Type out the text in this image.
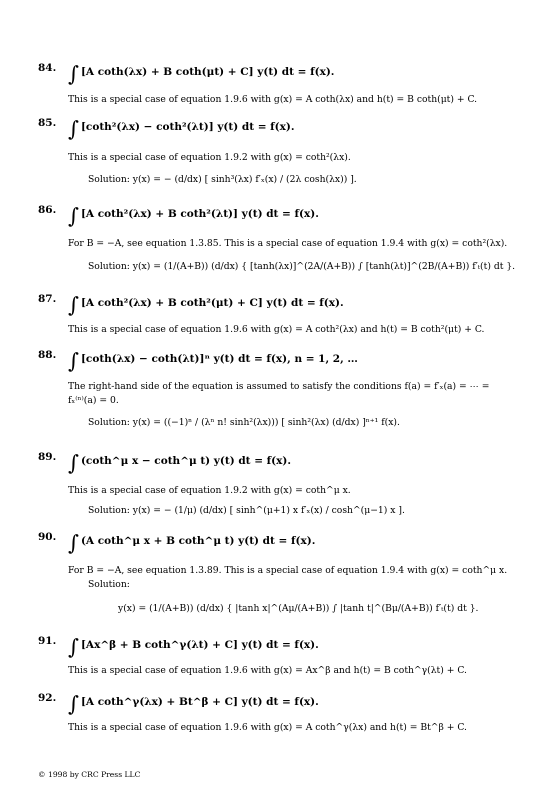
84. ∫ [A coth(λx) + B coth(μt) + C] y(t) dt = f(x).
This is a special case of equation 1.9.6 with g(x) = A coth(λx) and h(t) = B coth(μt) + C.
85. ∫ [coth²(λx) − coth²(λt)] y(t) dt = f(x).
This is a special case of equation 1.9.2 with g(x) = coth²(λx).
Solution: y(x) = − (d/dx) [ sinh³(λx) f′ₓ(x) / (2λ cosh(λx)) ].
86. ∫ [A coth²(λx) + B coth²(λt)] y(t) dt = f(x).
For B = −A, see equation 1.3.85. This is a special case of equation 1.9.4 with g(x) = coth²(λx).
Solution: y(x) = (1/(A+B)) (d/dx) { [tanh(λx)]^(2A/(A+B)) ∫ [tanh(λt)]^(2B/(A+B)) f′ₜ(t) dt }.
87. ∫ [A coth²(λx) + B coth²(μt) + C] y(t) dt = f(x).
This is a special case of equation 1.9.6 with g(x) = A coth²(λx) and h(t) = B coth²(μt) + C.
88. ∫ [coth(λx) − coth(λt)]ⁿ y(t) dt = f(x), n = 1, 2, …
The right-hand side of the equation is assumed to satisfy the conditions f(a) = f′ₓ(a) = ⋯ =
fₓ⁽ⁿ⁾(a) = 0.
Solution: y(x) = ((−1)ⁿ / (λⁿ n! sinh²(λx))) [ sinh²(λx) (d/dx) ]ⁿ⁺¹ f(x).
89. ∫ (coth^μ x − coth^μ t) y(t) dt = f(x).
This is a special case of equation 1.9.2 with g(x) = coth^μ x.
Solution: y(x) = − (1/μ) (d/dx) [ sinh^(μ+1) x f′ₓ(x) / cosh^(μ−1) x ].
90. ∫ (A coth^μ x + B coth^μ t) y(t) dt = f(x).
For B = −A, see equation 1.3.89. This is a special case of equation 1.9.4 with g(x) = coth^μ x.
Solution:
y(x) = (1/(A+B)) (d/dx) { |tanh x|^(Aμ/(A+B)) ∫ |tanh t|^(Bμ/(A+B)) f′ₜ(t) dt }.
91. ∫ [Ax^β + B coth^γ(λt) + C] y(t) dt = f(x).
This is a special case of equation 1.9.6 with g(x) = Ax^β and h(t) = B coth^γ(λt) + C.
92. ∫ [A coth^γ(λx) + Bt^β + C] y(t) dt = f(x).
This is a special case of equation 1.9.6 with g(x) = A coth^γ(λx) and h(t) = Bt^β + C.
© 1998 by CRC Press LLC
